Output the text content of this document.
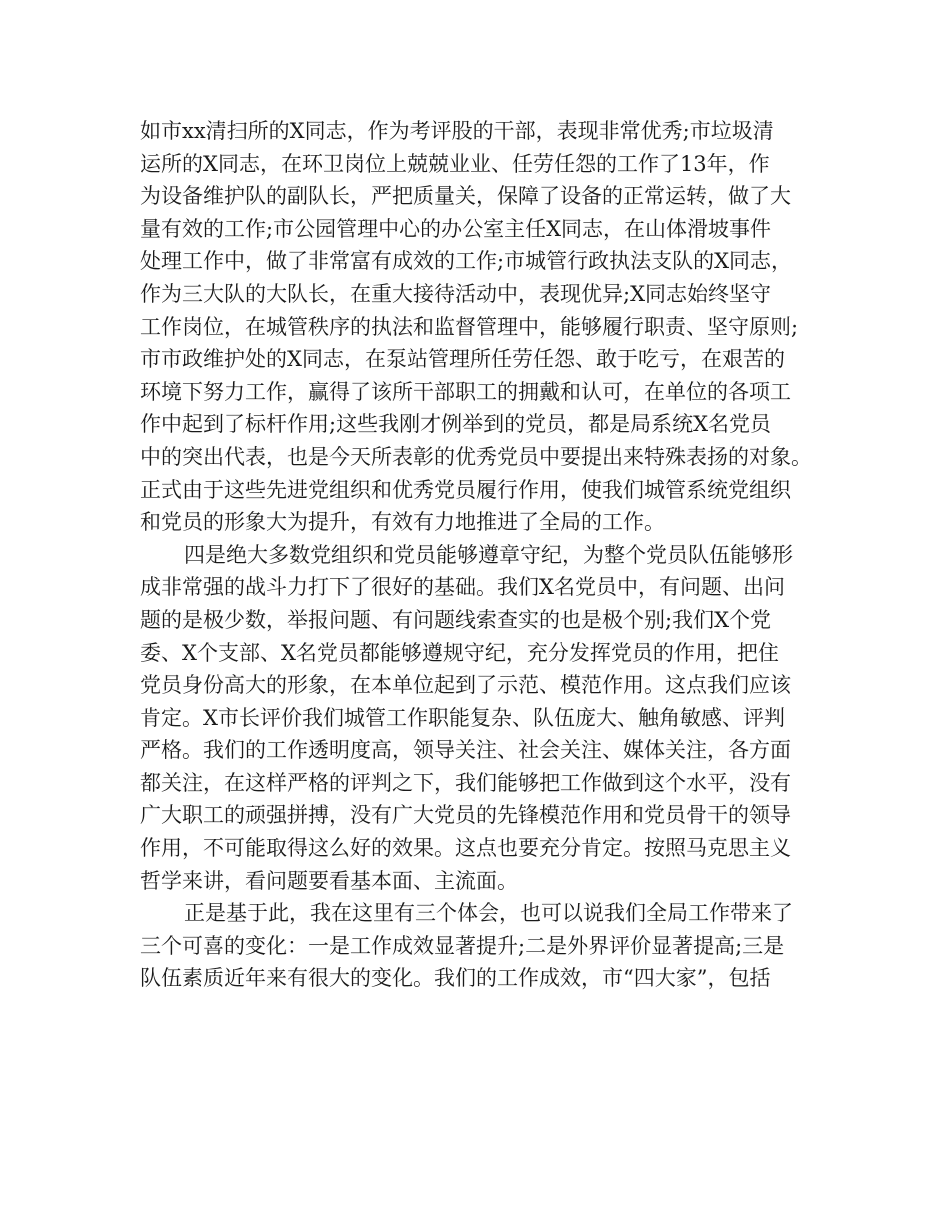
如市xx清扫所的X同志，作为考评股的干部，表现非常优秀;市垃圾清
运所的X同志，在环卫岗位上兢兢业业、任劳任怨的工作了13年，作
为设备维护队的副队长，严把质量关，保障了设备的正常运转，做了大
量有效的工作;市公园管理中心的办公室主任X同志，在山体滑坡事件
处理工作中，做了非常富有成效的工作;市城管行政执法支队的X同志，
作为三大队的大队长，在重大接待活动中，表现优异;X同志始终坚守
工作岗位，在城管秩序的执法和监督管理中，能够履行职责、坚守原则;
市市政维护处的X同志，在泵站管理所任劳任怨、敢于吃亏，在艰苦的
环境下努力工作，赢得了该所干部职工的拥戴和认可，在单位的各项工
作中起到了标杆作用;这些我刚才例举到的党员，都是局系统X名党员
中的突出代表，也是今天所表彰的优秀党员中要提出来特殊表扬的对象。
正式由于这些先进党组织和优秀党员履行作用，使我们城管系统党组织
和党员的形象大为提升，有效有力地推进了全局的工作。
四是绝大多数党组织和党员能够遵章守纪，为整个党员队伍能够形
成非常强的战斗力打下了很好的基础。我们X名党员中，有问题、出问
题的是极少数，举报问题、有问题线索查实的也是极个别;我们X个党
委、X个支部、X名党员都能够遵规守纪，充分发挥党员的作用，把住
党员身份高大的形象，在本单位起到了示范、模范作用。这点我们应该
肯定。X市长评价我们城管工作职能复杂、队伍庞大、触角敏感、评判
严格。我们的工作透明度高，领导关注、社会关注、媒体关注，各方面
都关注，在这样严格的评判之下，我们能够把工作做到这个水平，没有
广大职工的顽强拼搏，没有广大党员的先锋模范作用和党员骨干的领导
作用，不可能取得这么好的效果。这点也要充分肯定。按照马克思主义
哲学来讲，看问题要看基本面、主流面。
正是基于此，我在这里有三个体会，也可以说我们全局工作带来了
三个可喜的变化：一是工作成效显著提升;二是外界评价显著提高;三是
队伍素质近年来有很大的变化。我们的工作成效，市“四大家”，包括
